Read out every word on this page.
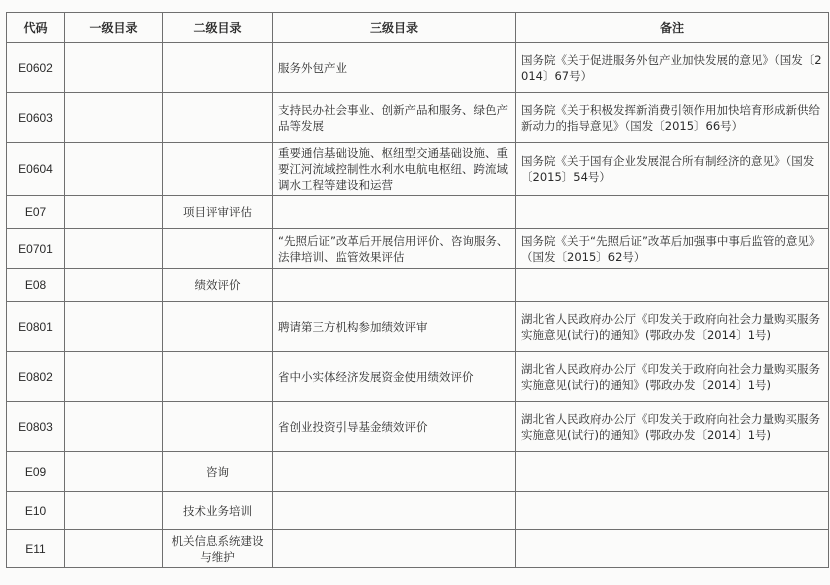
代码	一级目录	二级目录	三级目录	备注
E0602			服务外包产业	国务院《关于促进服务外包产业加快发展的意见》（国发〔2014〕67号）
E0603			支持民办社会事业、创新产品和服务、绿色产品等发展	国务院《关于积极发挥新消费引领作用加快培育形成新供给新动力的指导意见》（国发〔2015〕66号）
E0604			重要通信基础设施、枢纽型交通基础设施、重要江河流域控制性水利水电航电枢纽、跨流域调水工程等建设和运营	国务院《关于国有企业发展混合所有制经济的意见》（国发〔2015〕54号）
E07		项目评审评估		
E0701			“先照后证”改革后开展信用评价、咨询服务、法律培训、监管效果评估	国务院《关于“先照后证”改革后加强事中事后监管的意见》（国发〔2015〕62号）
E08		绩效评价		
E0801			聘请第三方机构参加绩效评审	湖北省人民政府办公厅《印发关于政府向社会力量购买服务实施意见(试行)的通知》(鄂政办发〔2014〕1号)
E0802			省中小实体经济发展资金使用绩效评价	湖北省人民政府办公厅《印发关于政府向社会力量购买服务实施意见(试行)的通知》(鄂政办发〔2014〕1号)
E0803			省创业投资引导基金绩效评价	湖北省人民政府办公厅《印发关于政府向社会力量购买服务实施意见(试行)的通知》(鄂政办发〔2014〕1号)
E09		咨询		
E10		技术业务培训		
E11		机关信息系统建设与维护		
